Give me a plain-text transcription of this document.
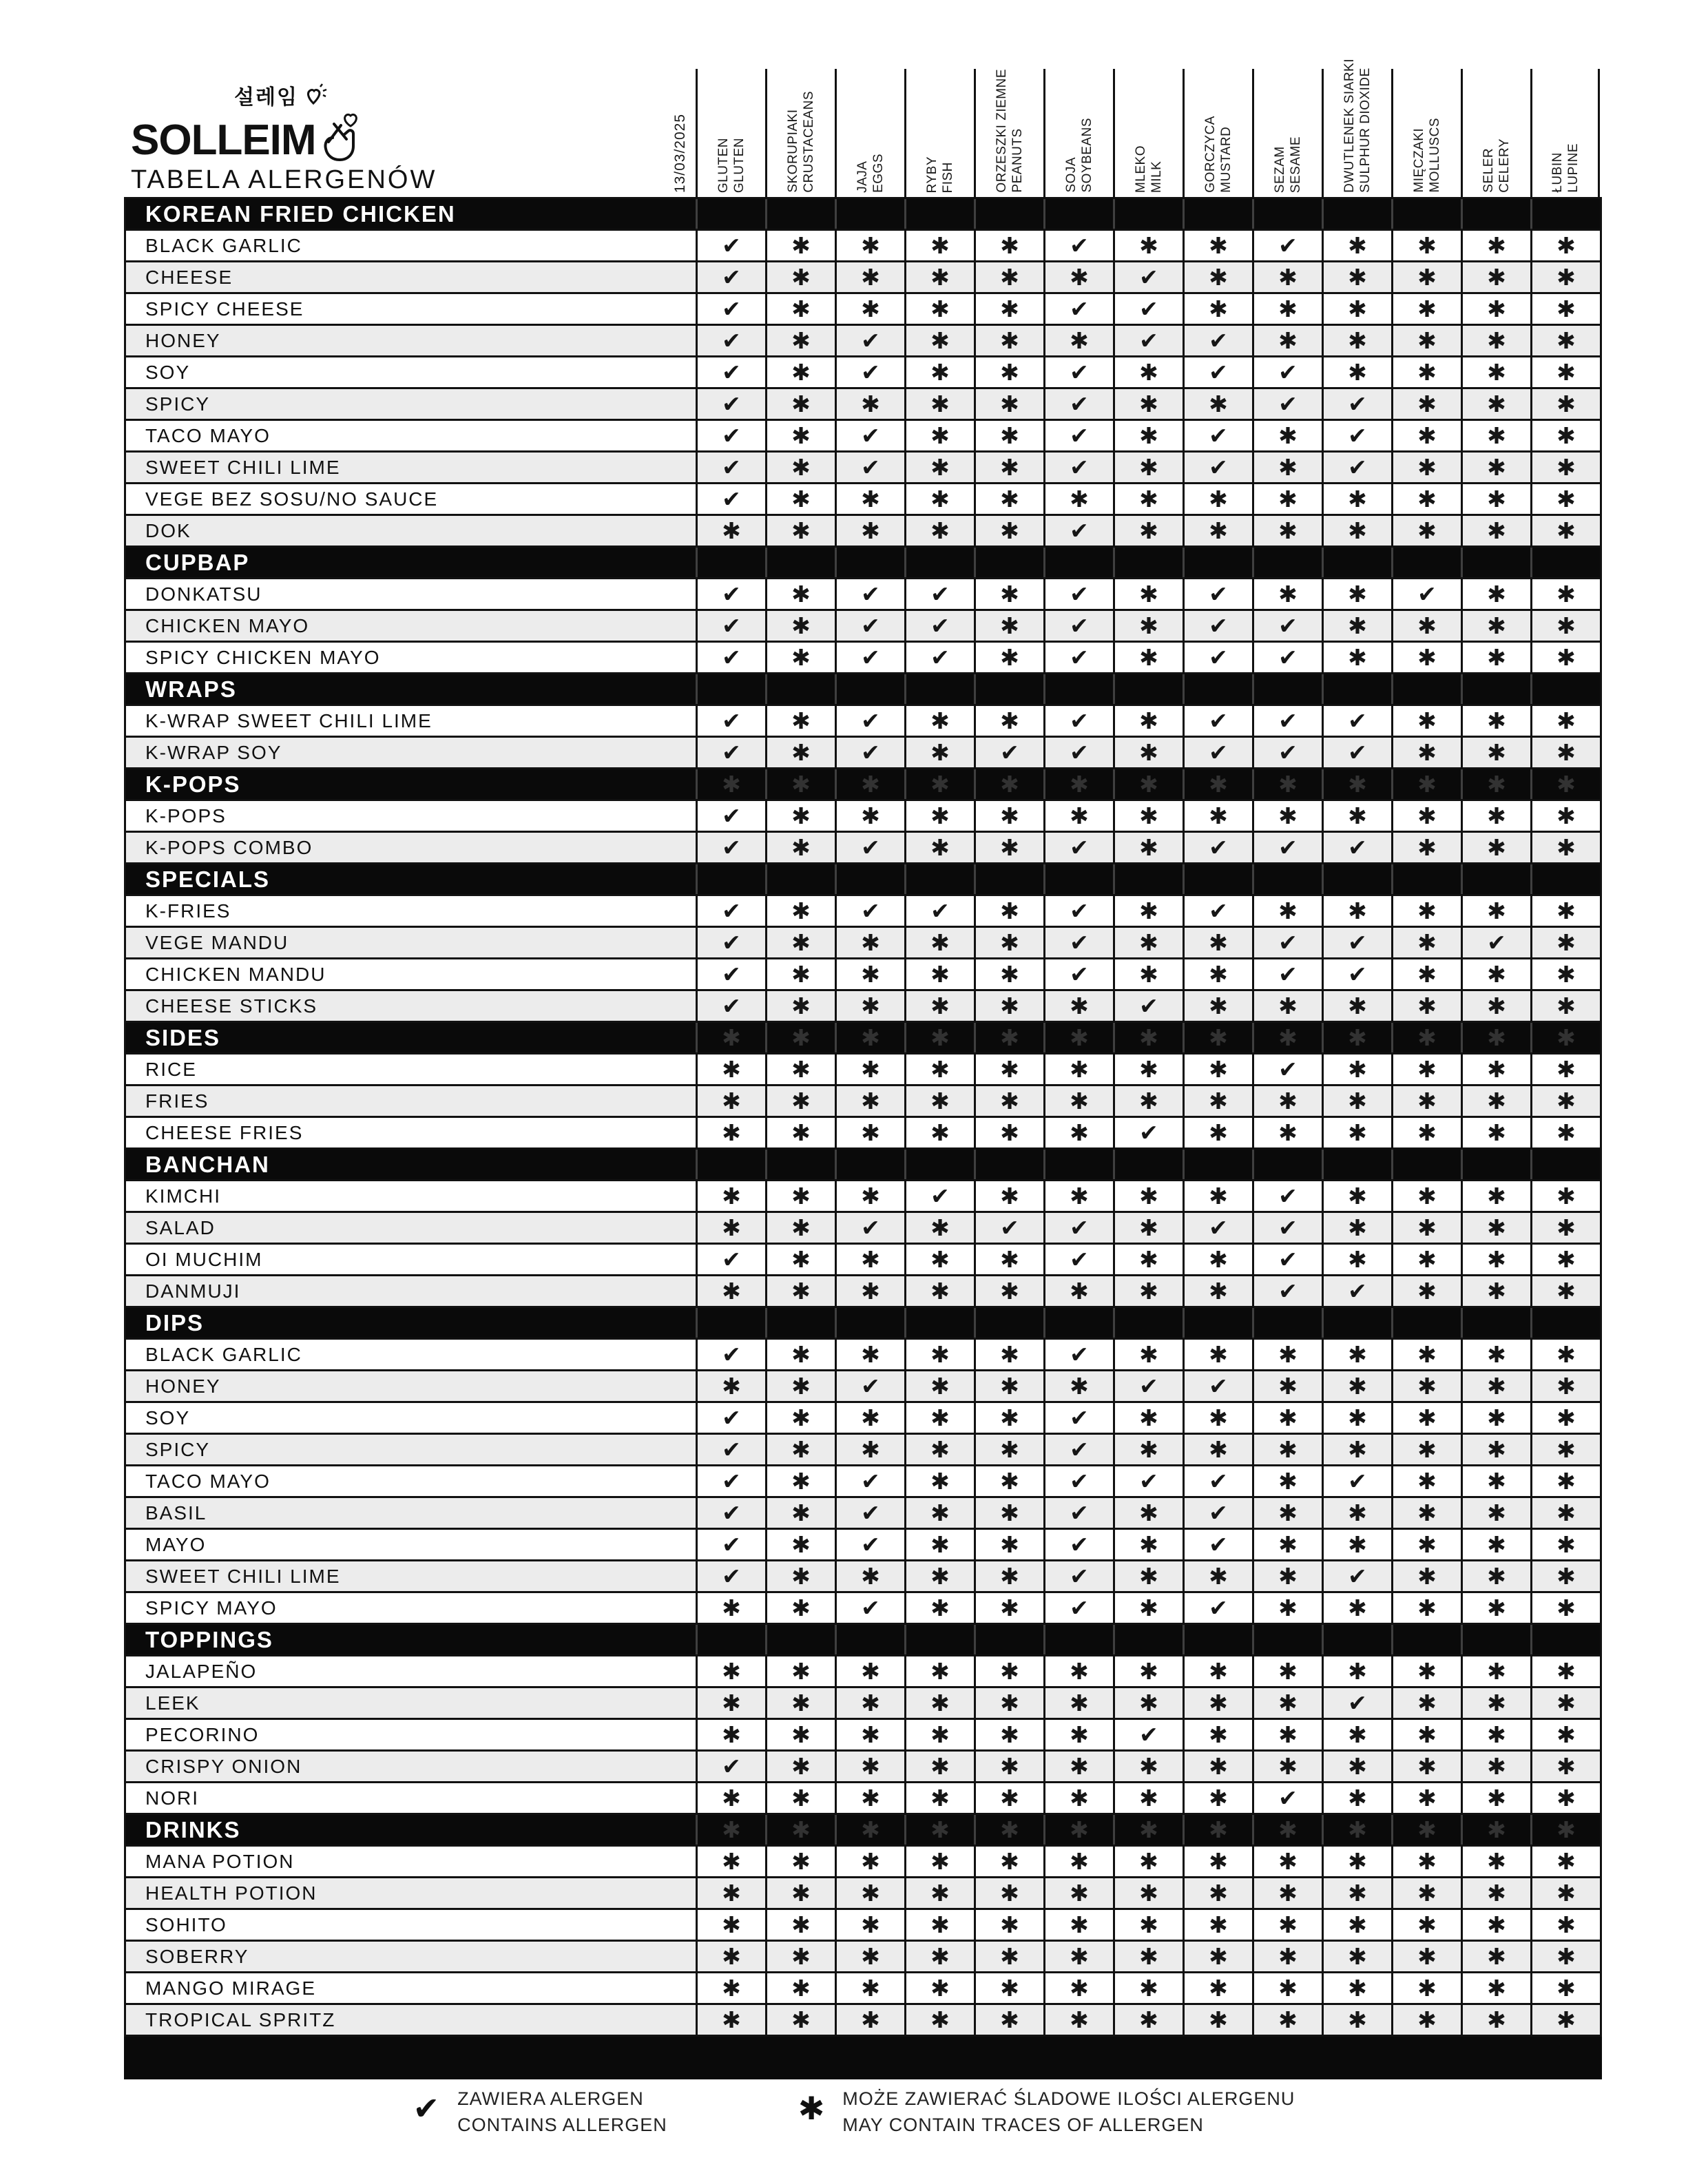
설레임
SOLLEIM
TABELA ALERGENÓW	13/03/2025 GLUTEN GLUTEN	SKORUPIAKI CRUSTACEANS	JAJA EGGS	RYBY FISH	ORZESZKI ZIEMNE PEANUTS	SOJA SOYBEANS	MLEKO MILK	GORCZYCA MUSTARD	SEZAM SESAME	DWUTLENEK SIARKI SULPHUR DIOXIDE	MIĘCZAKI MOLLUSCS	SELER CELERY	ŁUBIN LUPINE
KOREAN FRIED CHICKEN
BLACK GARLIC	✔	✱	✱	✱	✱	✔	✱	✱	✔	✱	✱	✱	✱
CHEESE	✔	✱	✱	✱	✱	✱	✔	✱	✱	✱	✱	✱	✱
SPICY CHEESE	✔	✱	✱	✱	✱	✔	✔	✱	✱	✱	✱	✱	✱
HONEY	✔	✱	✔	✱	✱	✱	✔	✔	✱	✱	✱	✱	✱
SOY	✔	✱	✔	✱	✱	✔	✱	✔	✔	✱	✱	✱	✱
SPICY	✔	✱	✱	✱	✱	✔	✱	✱	✔	✔	✱	✱	✱
TACO MAYO	✔	✱	✔	✱	✱	✔	✱	✔	✱	✔	✱	✱	✱
SWEET CHILI LIME	✔	✱	✔	✱	✱	✔	✱	✔	✱	✔	✱	✱	✱
VEGE BEZ SOSU/NO SAUCE	✔	✱	✱	✱	✱	✱	✱	✱	✱	✱	✱	✱	✱
DOK	✱	✱	✱	✱	✱	✔	✱	✱	✱	✱	✱	✱	✱
CUPBAP
DONKATSU	✔	✱	✔	✔	✱	✔	✱	✔	✱	✱	✔	✱	✱
CHICKEN MAYO	✔	✱	✔	✔	✱	✔	✱	✔	✔	✱	✱	✱	✱
SPICY CHICKEN MAYO	✔	✱	✔	✔	✱	✔	✱	✔	✔	✱	✱	✱	✱
WRAPS
K-WRAP SWEET CHILI LIME	✔	✱	✔	✱	✱	✔	✱	✔	✔	✔	✱	✱	✱
K-WRAP SOY	✔	✱	✔	✱	✔	✔	✱	✔	✔	✔	✱	✱	✱
K-POPS	✱	✱	✱	✱	✱	✱	✱	✱	✱	✱	✱	✱	✱
K-POPS	✔	✱	✱	✱	✱	✱	✱	✱	✱	✱	✱	✱	✱
K-POPS COMBO	✔	✱	✔	✱	✱	✔	✱	✔	✔	✔	✱	✱	✱
SPECIALS
K-FRIES	✔	✱	✔	✔	✱	✔	✱	✔	✱	✱	✱	✱	✱
VEGE MANDU	✔	✱	✱	✱	✱	✔	✱	✱	✔	✔	✱	✔	✱
CHICKEN MANDU	✔	✱	✱	✱	✱	✔	✱	✱	✔	✔	✱	✱	✱
CHEESE STICKS	✔	✱	✱	✱	✱	✱	✔	✱	✱	✱	✱	✱	✱
SIDES	✱	✱	✱	✱	✱	✱	✱	✱	✱	✱	✱	✱	✱
RICE	✱	✱	✱	✱	✱	✱	✱	✱	✔	✱	✱	✱	✱
FRIES	✱	✱	✱	✱	✱	✱	✱	✱	✱	✱	✱	✱	✱
CHEESE FRIES	✱	✱	✱	✱	✱	✱	✔	✱	✱	✱	✱	✱	✱
BANCHAN
KIMCHI	✱	✱	✱	✔	✱	✱	✱	✱	✔	✱	✱	✱	✱
SALAD	✱	✱	✔	✱	✔	✔	✱	✔	✔	✱	✱	✱	✱
OI MUCHIM	✔	✱	✱	✱	✱	✔	✱	✱	✔	✱	✱	✱	✱
DANMUJI	✱	✱	✱	✱	✱	✱	✱	✱	✔	✔	✱	✱	✱
DIPS
BLACK GARLIC	✔	✱	✱	✱	✱	✔	✱	✱	✱	✱	✱	✱	✱
HONEY	✱	✱	✔	✱	✱	✱	✔	✔	✱	✱	✱	✱	✱
SOY	✔	✱	✱	✱	✱	✔	✱	✱	✱	✱	✱	✱	✱
SPICY	✔	✱	✱	✱	✱	✔	✱	✱	✱	✱	✱	✱	✱
TACO MAYO	✔	✱	✔	✱	✱	✔	✔	✔	✱	✔	✱	✱	✱
BASIL	✔	✱	✔	✱	✱	✔	✱	✔	✱	✱	✱	✱	✱
MAYO	✔	✱	✔	✱	✱	✔	✱	✔	✱	✱	✱	✱	✱
SWEET CHILI LIME	✔	✱	✱	✱	✱	✔	✱	✱	✱	✔	✱	✱	✱
SPICY MAYO	✱	✱	✔	✱	✱	✔	✱	✔	✱	✱	✱	✱	✱
TOPPINGS
JALAPEÑO	✱	✱	✱	✱	✱	✱	✱	✱	✱	✱	✱	✱	✱
LEEK	✱	✱	✱	✱	✱	✱	✱	✱	✱	✔	✱	✱	✱
PECORINO	✱	✱	✱	✱	✱	✱	✔	✱	✱	✱	✱	✱	✱
CRISPY ONION	✔	✱	✱	✱	✱	✱	✱	✱	✱	✱	✱	✱	✱
NORI	✱	✱	✱	✱	✱	✱	✱	✱	✔	✱	✱	✱	✱
DRINKS	✱	✱	✱	✱	✱	✱	✱	✱	✱	✱	✱	✱	✱
MANA POTION	✱	✱	✱	✱	✱	✱	✱	✱	✱	✱	✱	✱	✱
HEALTH POTION	✱	✱	✱	✱	✱	✱	✱	✱	✱	✱	✱	✱	✱
SOHITO	✱	✱	✱	✱	✱	✱	✱	✱	✱	✱	✱	✱	✱
SOBERRY	✱	✱	✱	✱	✱	✱	✱	✱	✱	✱	✱	✱	✱
MANGO MIRAGE	✱	✱	✱	✱	✱	✱	✱	✱	✱	✱	✱	✱	✱
TROPICAL SPRITZ	✱	✱	✱	✱	✱	✱	✱	✱	✱	✱	✱	✱	✱
✔ ZAWIERA ALERGEN
CONTAINS ALLERGEN	✱ MOŻE ZAWIERAĆ ŚLADOWE ILOŚCI ALERGENU
MAY CONTAIN TRACES OF ALLERGEN
